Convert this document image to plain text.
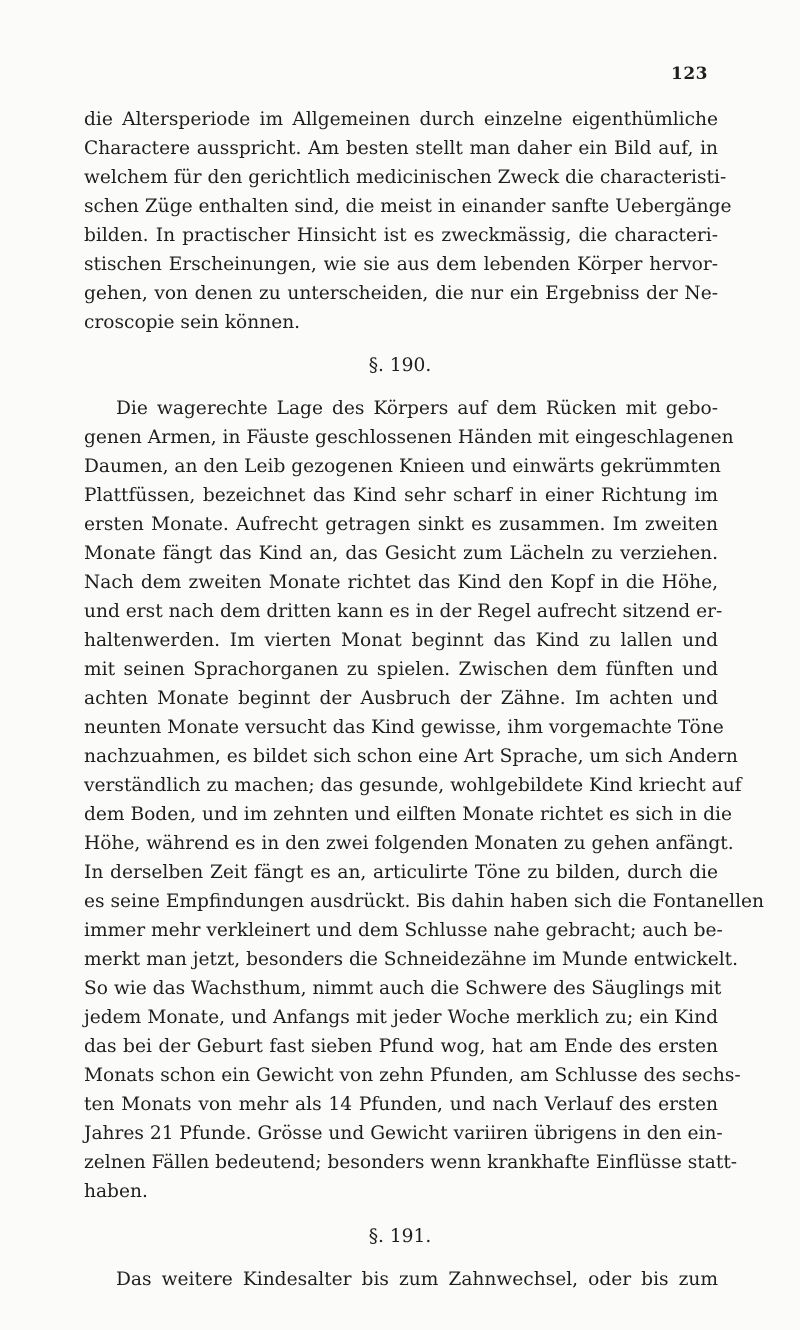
123
die Altersperiode im Allgemeinen durch einzelne eigenthümliche
Charactere ausspricht. Am besten stellt man daher ein Bild auf, in
welchem für den gerichtlich medicinischen Zweck die characteristi-
schen Züge enthalten sind, die meist in einander sanfte Uebergänge
bilden. In practischer Hinsicht ist es zweckmässig, die characteri-
stischen Erscheinungen, wie sie aus dem lebenden Körper hervor-
gehen, von denen zu unterscheiden, die nur ein Ergebniss der Ne-
croscopie sein können.
§. 190.
Die wagerechte Lage des Körpers auf dem Rücken mit gebo-
genen Armen, in Fäuste geschlossenen Händen mit eingeschlagenen
Daumen, an den Leib gezogenen Knieen und einwärts gekrümmten
Plattfüssen, bezeichnet das Kind sehr scharf in einer Richtung im
ersten Monate. Aufrecht getragen sinkt es zusammen. Im zweiten
Monate fängt das Kind an, das Gesicht zum Lächeln zu verziehen.
Nach dem zweiten Monate richtet das Kind den Kopf in die Höhe,
und erst nach dem dritten kann es in der Regel aufrecht sitzend er-
haltenwerden. Im vierten Monat beginnt das Kind zu lallen und
mit seinen Sprachorganen zu spielen. Zwischen dem fünften und
achten Monate beginnt der Ausbruch der Zähne. Im achten und
neunten Monate versucht das Kind gewisse, ihm vorgemachte Töne
nachzuahmen, es bildet sich schon eine Art Sprache, um sich Andern
verständlich zu machen; das gesunde, wohlgebildete Kind kriecht auf
dem Boden, und im zehnten und eilften Monate richtet es sich in die
Höhe, während es in den zwei folgenden Monaten zu gehen anfängt.
In derselben Zeit fängt es an, articulirte Töne zu bilden, durch die
es seine Empfindungen ausdrückt. Bis dahin haben sich die Fontanellen
immer mehr verkleinert und dem Schlusse nahe gebracht; auch be-
merkt man jetzt, besonders die Schneidezähne im Munde entwickelt.
So wie das Wachsthum, nimmt auch die Schwere des Säuglings mit
jedem Monate, und Anfangs mit jeder Woche merklich zu; ein Kind
das bei der Geburt fast sieben Pfund wog, hat am Ende des ersten
Monats schon ein Gewicht von zehn Pfunden, am Schlusse des sechs-
ten Monats von mehr als 14 Pfunden, und nach Verlauf des ersten
Jahres 21 Pfunde. Grösse und Gewicht variiren übrigens in den ein-
zelnen Fällen bedeutend; besonders wenn krankhafte Einflüsse statt-
haben.
§. 191.
Das weitere Kindesalter bis zum Zahnwechsel, oder bis zum
